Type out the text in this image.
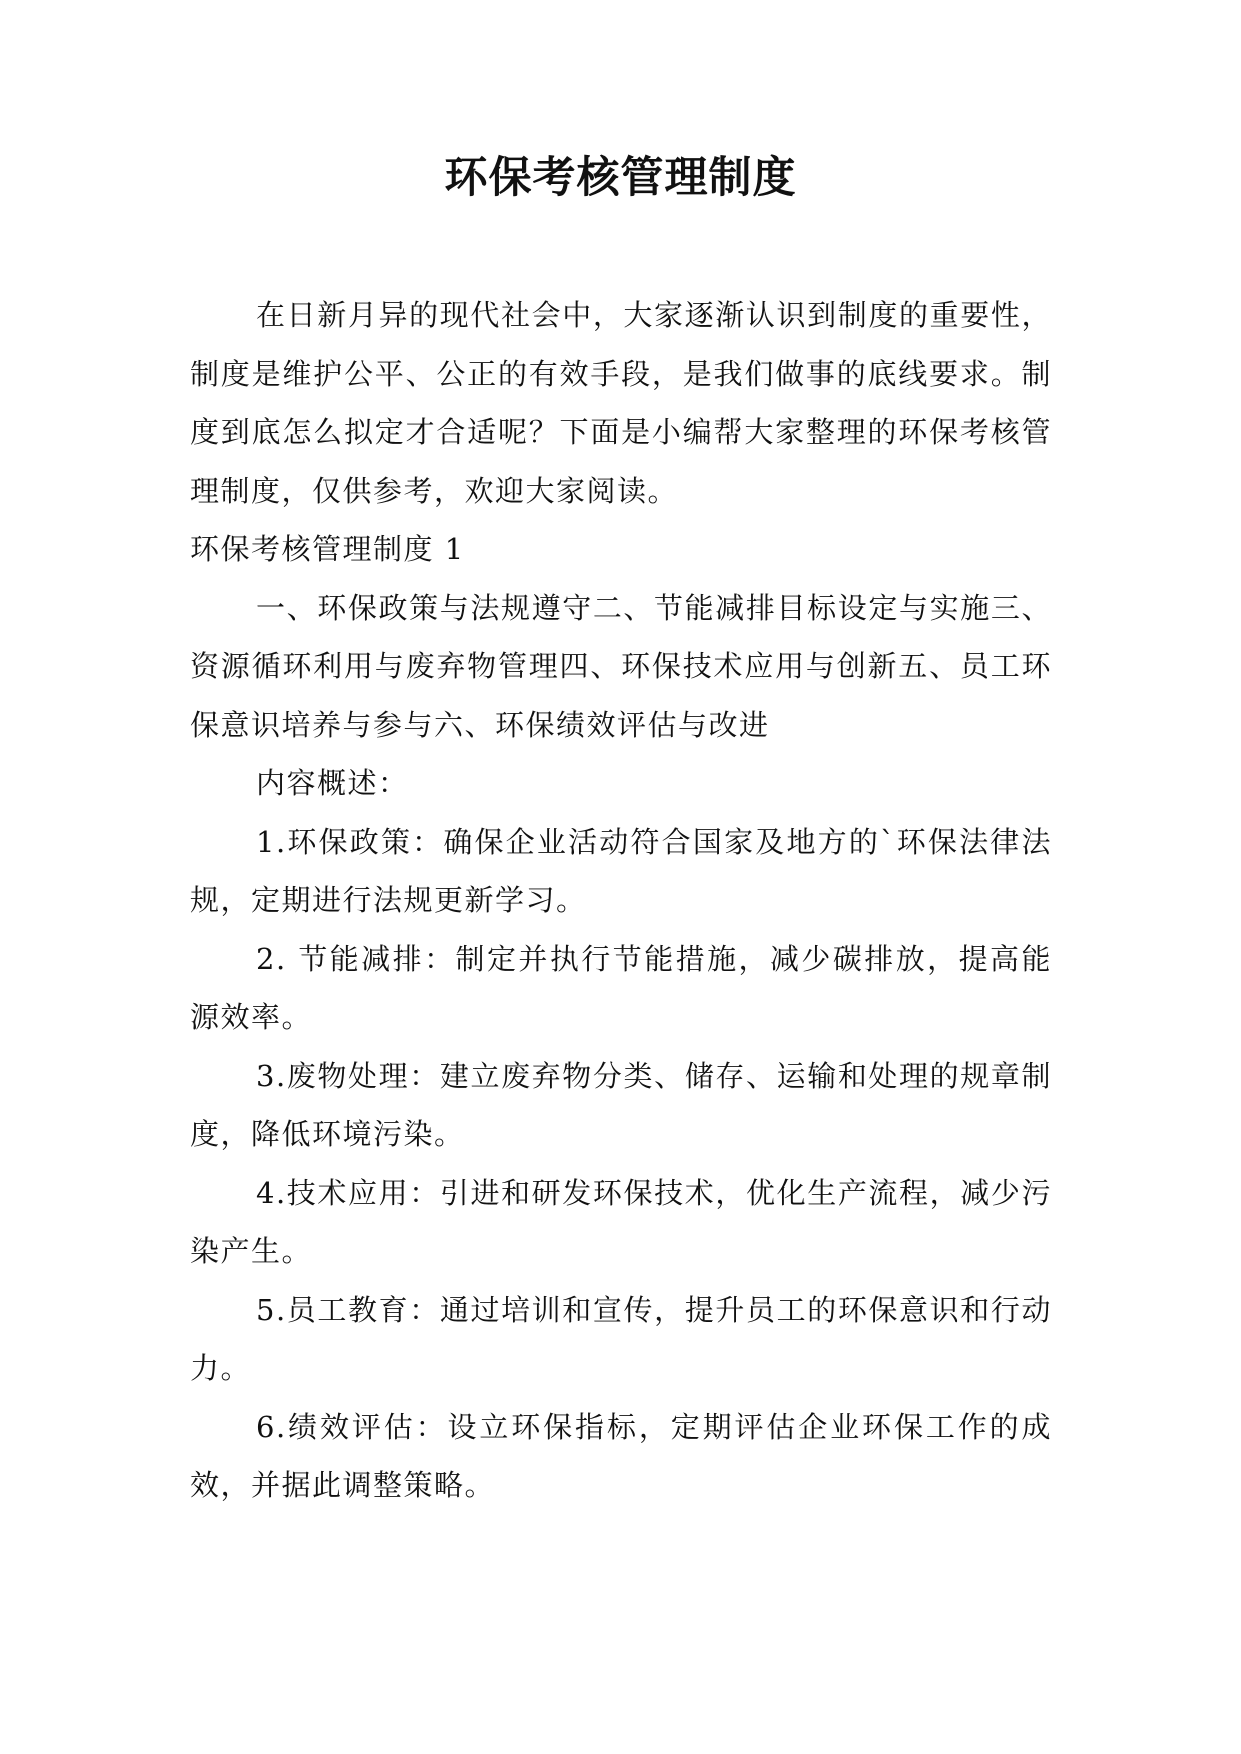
环保考核管理制度

在日新月异的现代社会中，大家逐渐认识到制度的重要性，制度是维护公平、公正的有效手段，是我们做事的底线要求。制度到底怎么拟定才合适呢？下面是小编帮大家整理的环保考核管理制度，仅供参考，欢迎大家阅读。

环保考核管理制度 1

一、环保政策与法规遵守二、节能减排目标设定与实施三、资源循环利用与废弃物管理四、环保技术应用与创新五、员工环保意识培养与参与六、环保绩效评估与改进

内容概述：

1.环保政策：确保企业活动符合国家及地方的`环保法律法规，定期进行法规更新学习。

2. 节能减排：制定并执行节能措施，减少碳排放，提高能源效率。

3.废物处理：建立废弃物分类、储存、运输和处理的规章制度，降低环境污染。

4.技术应用：引进和研发环保技术，优化生产流程，减少污染产生。

5.员工教育：通过培训和宣传，提升员工的环保意识和行动力。

6.绩效评估：设立环保指标，定期评估企业环保工作的成效，并据此调整策略。
